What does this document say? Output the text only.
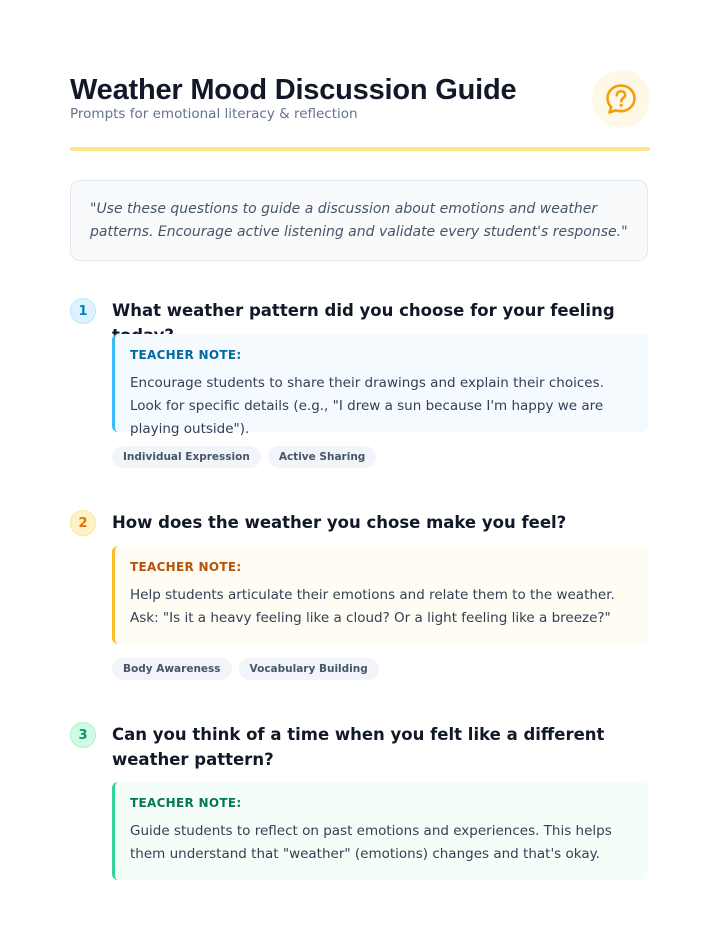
Weather Mood Discussion Guide
Prompts for emotional literacy & reflection

"Use these questions to guide a discussion about emotions and weather patterns. Encourage active listening and validate every student's response."

1	What weather pattern did you choose for your feeling

TEACHER NOTE:

Encourage students to share their drawings and explain their choices. Look for specific details (e.g., "I drew a sun because I'm happy we are playing outside").

Individual Expression	Active Sharing
2	How does the weather you chose make you feel?

TEACHER NOTE:

Help students articulate their emotions and relate them to the weather. Ask: "Is it a heavy feeling like a cloud? Or a light feeling like a breeze?"

Body Awareness	Vocabulary Building
3	Can you think of a time when you felt like a different weather pattern?

TEACHER NOTE:

Guide students to reflect on past emotions and experiences. This helps them understand that "weather" (emotions) changes and that's okay.
